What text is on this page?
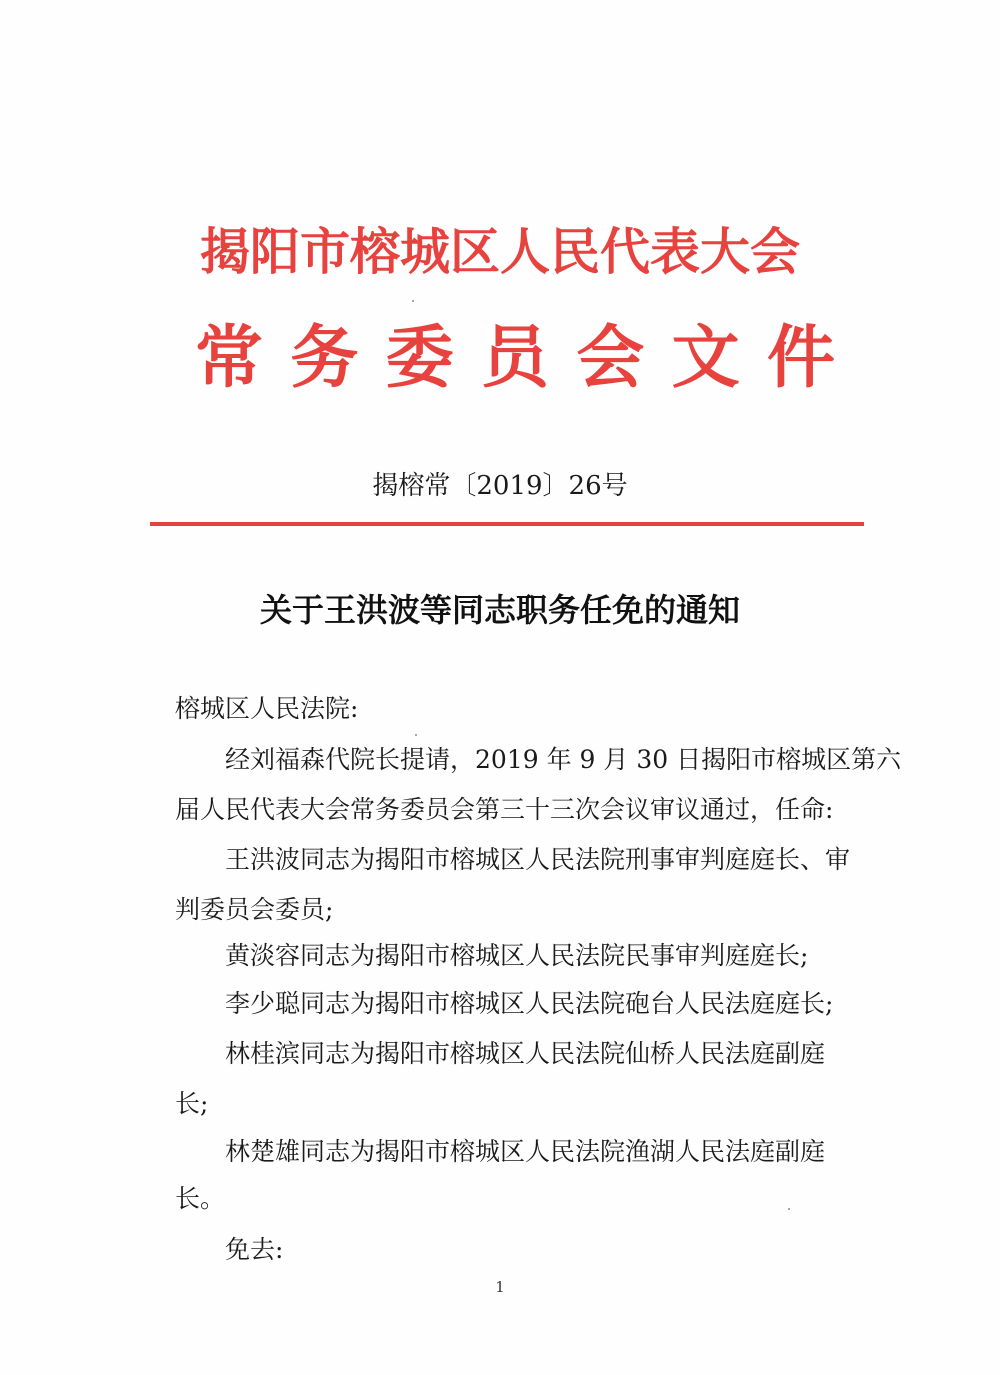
揭阳市榕城区人民代表大会
常 务 委 员 会 文 件
揭榕常〔2019〕26号
关于王洪波等同志职务任免的通知
榕城区人民法院:
　　经刘福森代院长提请，2019 年 9 月 30 日揭阳市榕城区第六
届人民代表大会常务委员会第三十三次会议审议通过，任命:
　　王洪波同志为揭阳市榕城区人民法院刑事审判庭庭长、审
判委员会委员;
　　黄淡容同志为揭阳市榕城区人民法院民事审判庭庭长;
　　李少聪同志为揭阳市榕城区人民法院砲台人民法庭庭长;
　　林桂滨同志为揭阳市榕城区人民法院仙桥人民法庭副庭
长;
　　林楚雄同志为揭阳市榕城区人民法院渔湖人民法庭副庭
长。
　　免去:
1
